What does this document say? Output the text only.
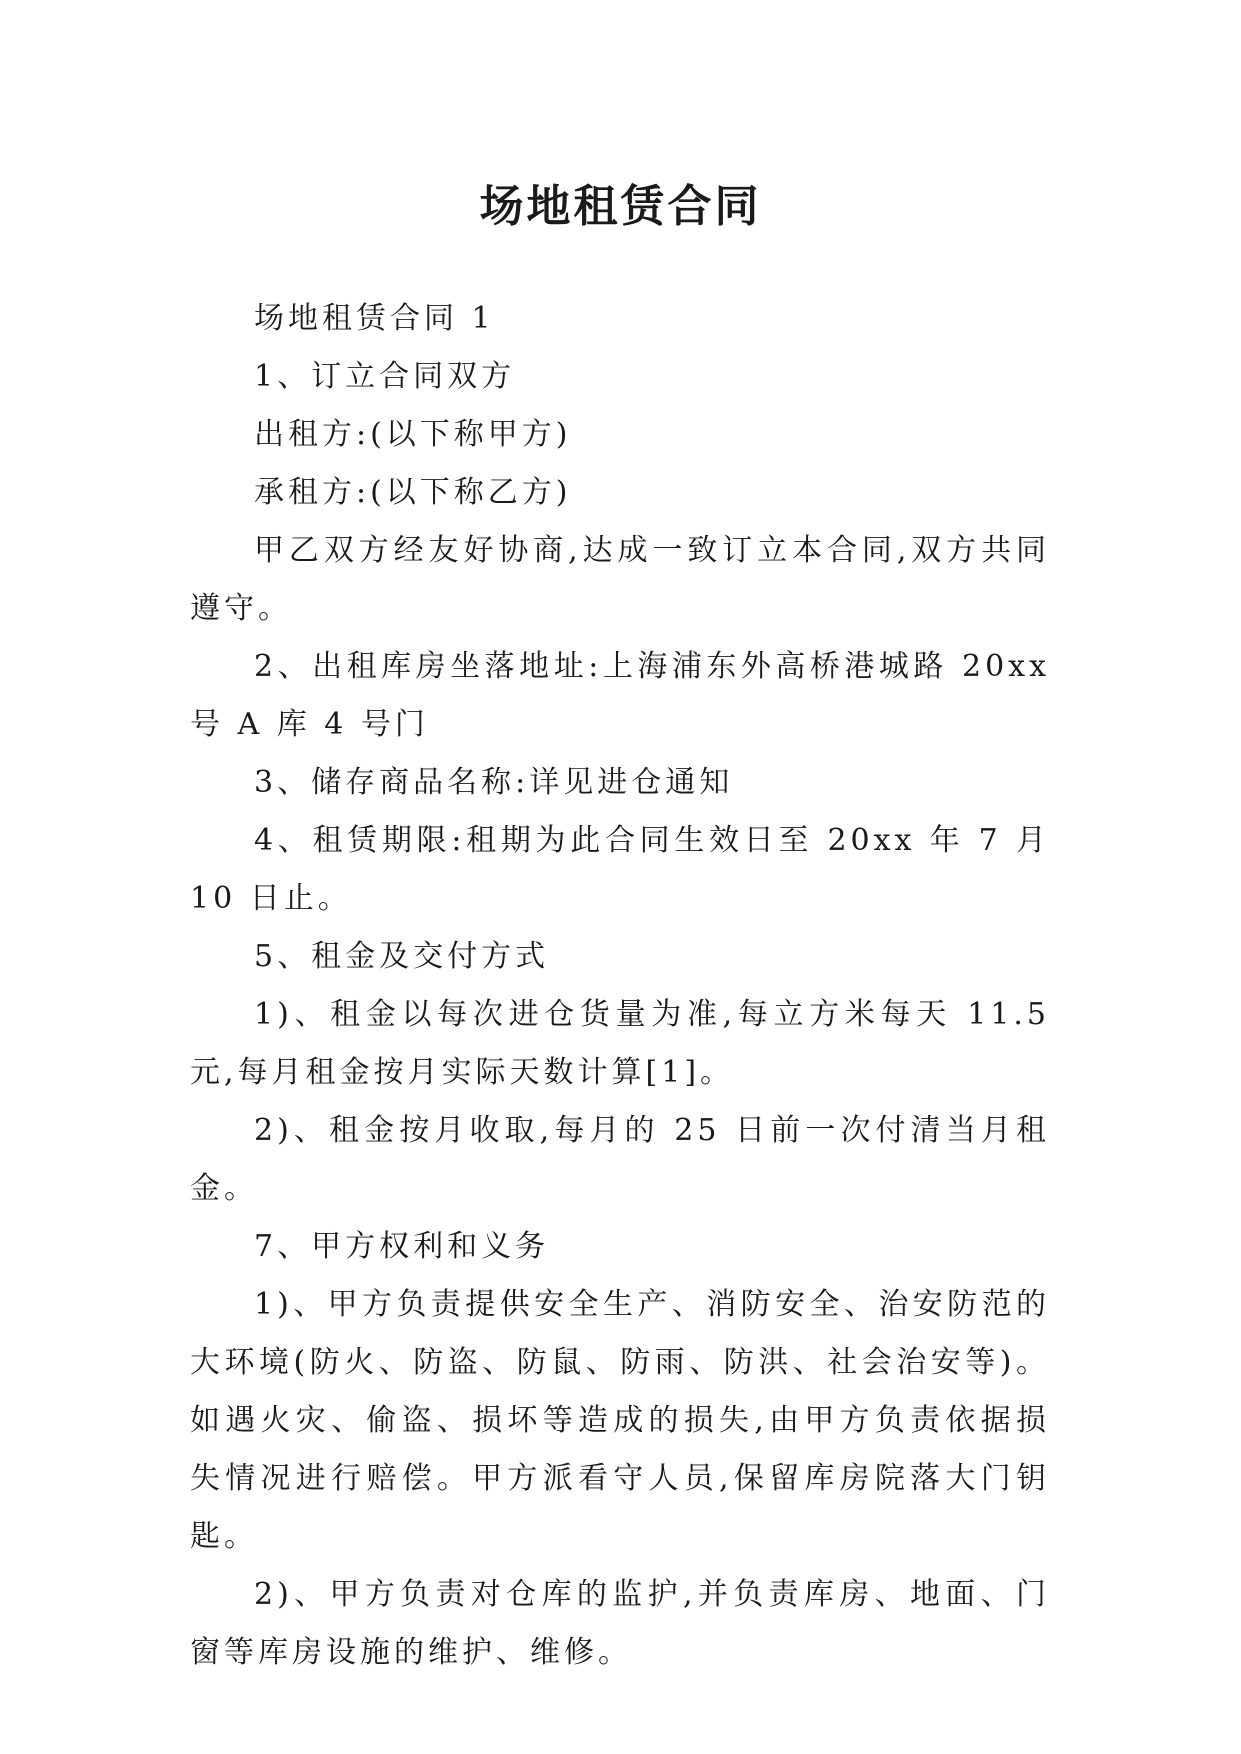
场地租赁合同

场地租赁合同 1

1、订立合同双方

出租方:(以下称甲方)

承租方:(以下称乙方)

甲乙双方经友好协商,达成一致订立本合同,双方共同遵守。

2、出租库房坐落地址:上海浦东外高桥港城路 20xx 号 A 库 4 号门

3、储存商品名称:详见进仓通知

4、租赁期限:租期为此合同生效日至 20xx 年 7 月 10 日止。

5、租金及交付方式

1)、租金以每次进仓货量为准,每立方米每天 11.5 元,每月租金按月实际天数计算[1]。

2)、租金按月收取,每月的 25 日前一次付清当月租金。

7、甲方权利和义务

1)、甲方负责提供安全生产、消防安全、治安防范的大环境(防火、防盗、防鼠、防雨、防洪、社会治安等)。如遇火灾、偷盗、损坏等造成的损失,由甲方负责依据损失情况进行赔偿。甲方派看守人员,保留库房院落大门钥匙。

2)、甲方负责对仓库的监护,并负责库房、地面、门窗等库房设施的维护、维修。
